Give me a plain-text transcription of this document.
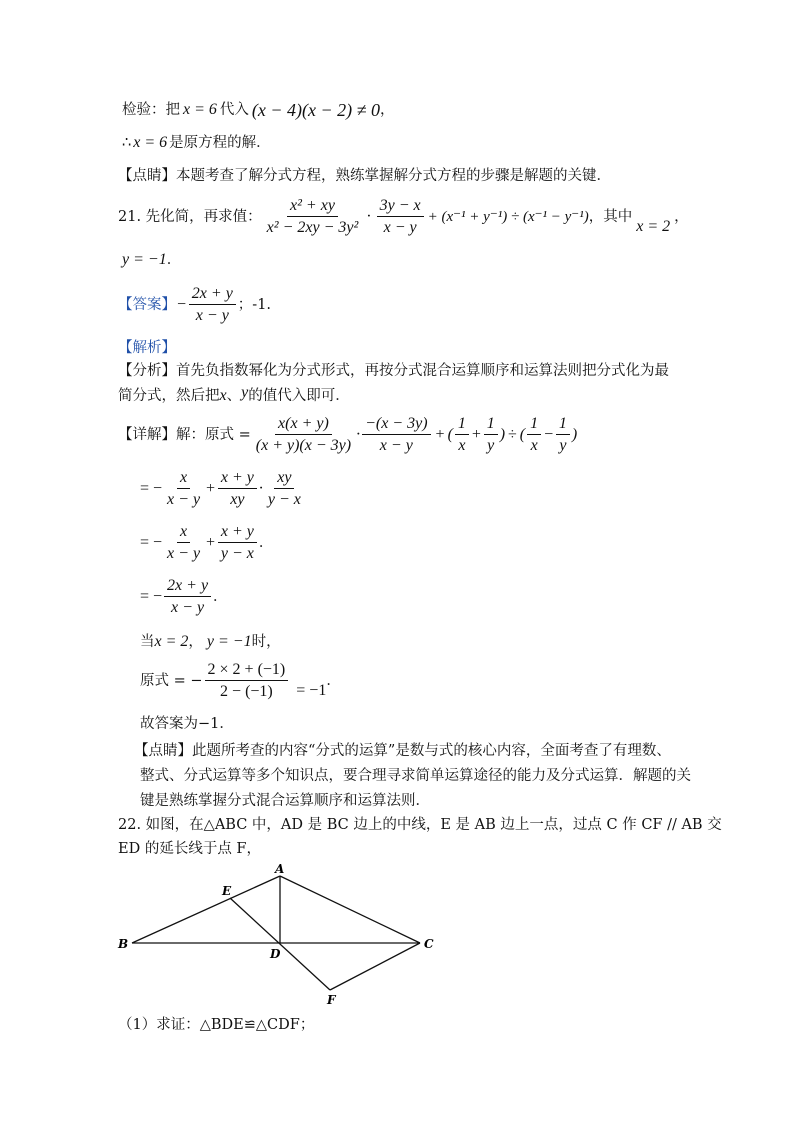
检验：把 x = 6 代入 (x − 4)(x − 2) ≠ 0 ，
∴ x = 6 是原方程的解．
【点睛】本题考查了解分式方程，熟练掌握解分式方程的步骤是解题的关键．
21. 先化简，再求值： $\frac{\text{x² + xy}}{\text{x² − 2xy − 3y²}} \cdot \frac{3y - x}{x - y} + (x^{-1} + y^{-1}) \div (x^{-1} - y^{-1})$ ，其中
x = 2
，
y = −1 ．
【答案】 − $\frac{2x + y}{x - y}$ ；-1.
【解析】
【分析】首先负指数幂化为分式形式，再按分式混合运算顺序和运算法则把分式化为最
简分式，然后把 x 、 y 的值代入即可．
【详解】解：原式 = $\frac{x(x + y)}{(x + y)(x - 3y)} \cdot \frac{-(x - 3y)}{x - y}$ + ( $\frac{1}{x} + \frac{1}{y}$ ) ÷ ( $\frac{1}{x} - \frac{1}{y}$ )
= − $\frac{x}{x - y} + \frac{x + y}{xy} \cdot \frac{xy}{y - x}$
= − $\frac{x}{x - y} + \frac{x + y}{y - x}$ ．
= − $\frac{2x + y}{x - y}$ ．
当 x = 2 ， y = −1 时，
原式 = − $\frac{2 \times 2 + (-1)}{2 - (-1)} = -1$
．
故答案为−1．
【点睛】此题所考查的内容“分式的运算”是数与式的核心内容，全面考查了有理数、
整式、分式运算等多个知识点，要合理寻求简单运算途径的能力及分式运算．解题的关
键是熟练掌握分式混合运算顺序和运算法则．
22. 如图，在△ABC 中，AD 是 BC 边上的中线，E 是 AB 边上一点，过点 C 作 CF // AB 交
ED 的延长线于点 F，
A
B	C
D
E
F
（1）求证：△BDE≌△CDF；
